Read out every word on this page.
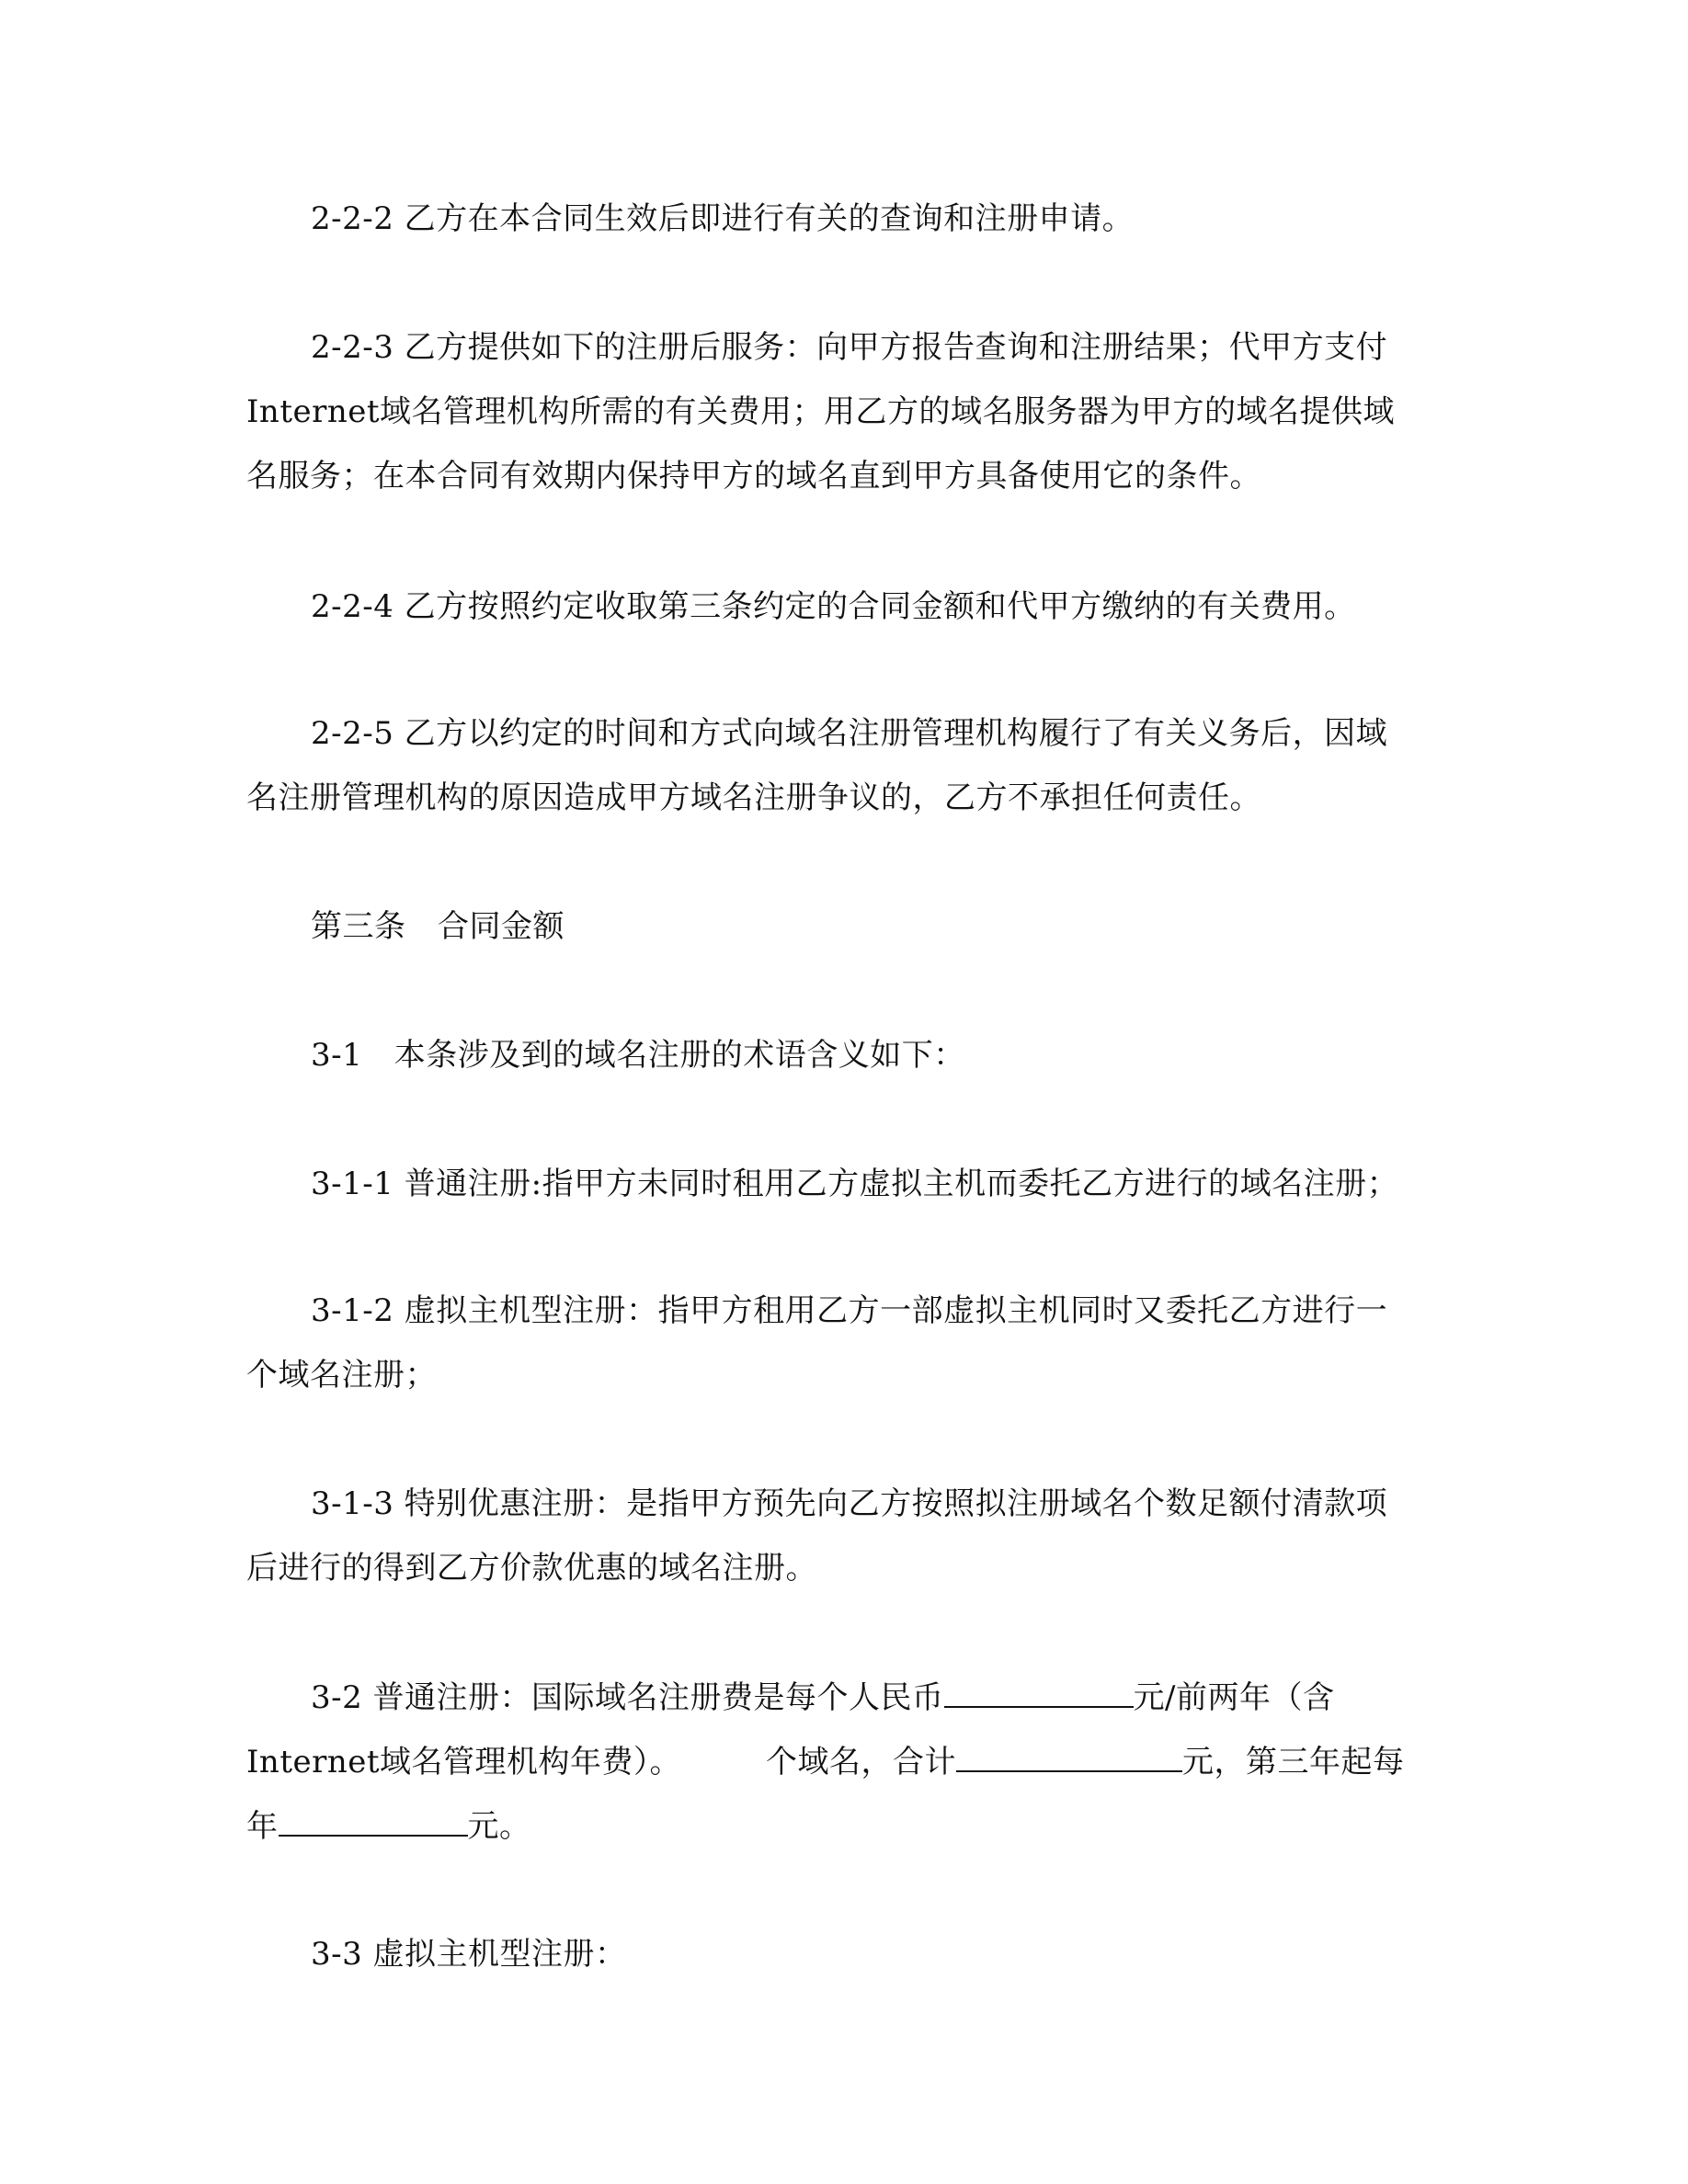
2-2-2 乙方在本合同生效后即进行有关的查询和注册申请。
2-2-3 乙方提供如下的注册后服务：向甲方报告查询和注册结果；代甲方支付
Internet域名管理机构所需的有关费用；用乙方的域名服务器为甲方的域名提供域
名服务；在本合同有效期内保持甲方的域名直到甲方具备使用它的条件。
2-2-4 乙方按照约定收取第三条约定的合同金额和代甲方缴纳的有关费用。
2-2-5 乙方以约定的时间和方式向域名注册管理机构履行了有关义务后，因域
名注册管理机构的原因造成甲方域名注册争议的，乙方不承担任何责任。
第三条　合同金额
3-1　本条涉及到的域名注册的术语含义如下：
3-1-1 普通注册:指甲方未同时租用乙方虚拟主机而委托乙方进行的域名注册；
3-1-2 虚拟主机型注册：指甲方租用乙方一部虚拟主机同时又委托乙方进行一
个域名注册；
3-1-3 特别优惠注册：是指甲方预先向乙方按照拟注册域名个数足额付清款项
后进行的得到乙方价款优惠的域名注册。
3-2 普通注册：国际域名注册费是每个人民币	元/前两年（含
Internet域名管理机构年费）。	个域名，合计	元，第三年起每
年	元。
3-3 虚拟主机型注册：
